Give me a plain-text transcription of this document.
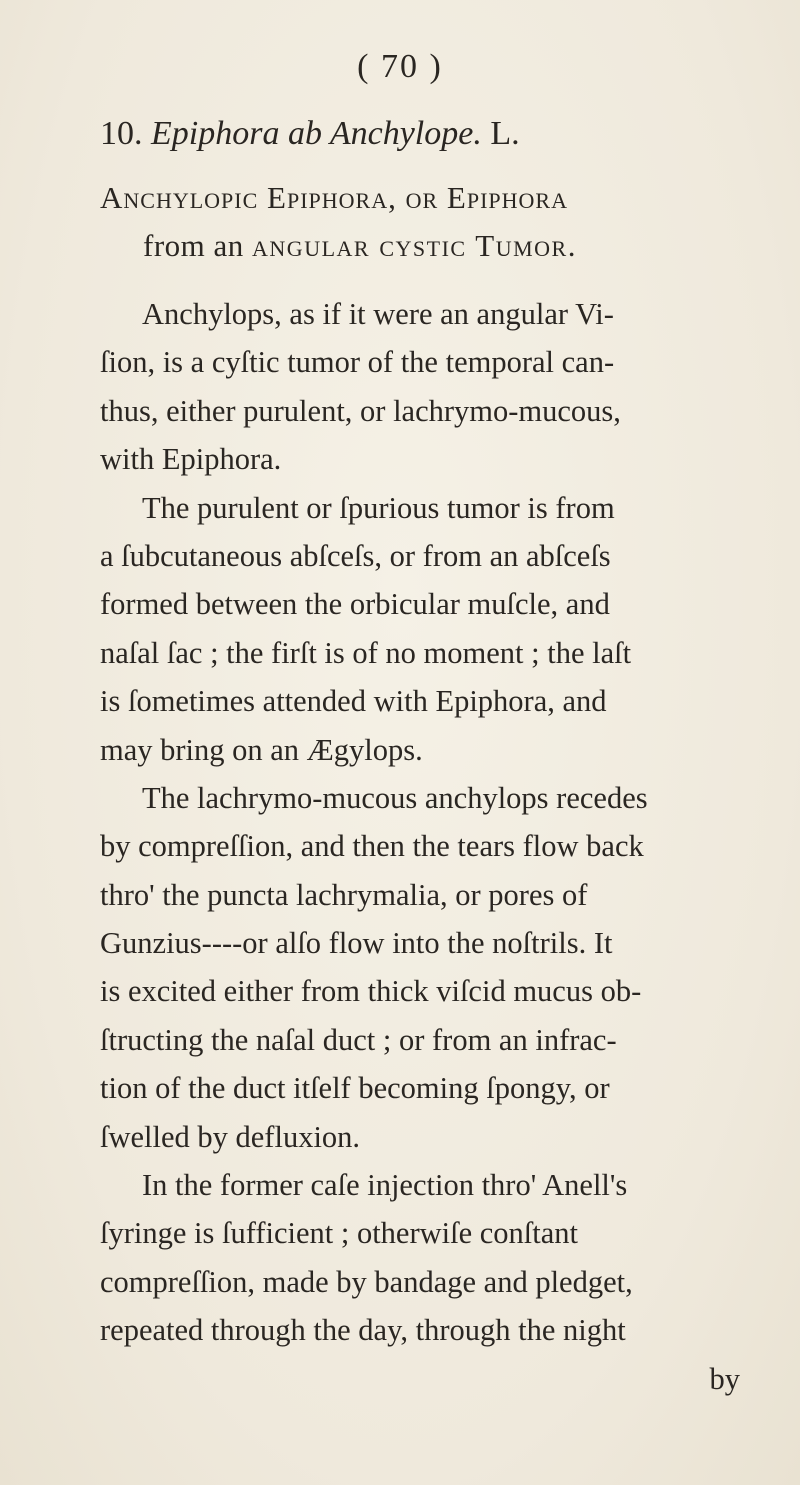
( 70 )
10. Epiphora ab Anchylope. L.
Anchylopic Epiphora, or Epiphora
from an angular cystic Tumor.
Anchylops, as if it were an angular Vi-
ſion, is a cyſtic tumor of the temporal can-
thus, either purulent, or lachrymo-mucous,
with Epiphora.
The purulent or ſpurious tumor is from
a ſubcutaneous abſceſs, or from an abſceſs
formed between the orbicular muſcle, and
naſal ſac ; the firſt is of no moment ; the laſt
is ſometimes attended with Epiphora, and
may bring on an Ægylops.
The lachrymo-mucous anchylops recedes
by compreſſion, and then the tears flow back
thro' the puncta lachrymalia, or pores of
Gunzius----or alſo flow into the noſtrils. It
is excited either from thick viſcid mucus ob-
ſtructing the naſal duct ; or from an infrac-
tion of the duct itſelf becoming ſpongy, or
ſwelled by defluxion.
In the former caſe injection thro' Anell's
ſyringe is ſufficient ; otherwiſe conſtant
compreſſion, made by bandage and pledget,
repeated through the day, through the night
by
